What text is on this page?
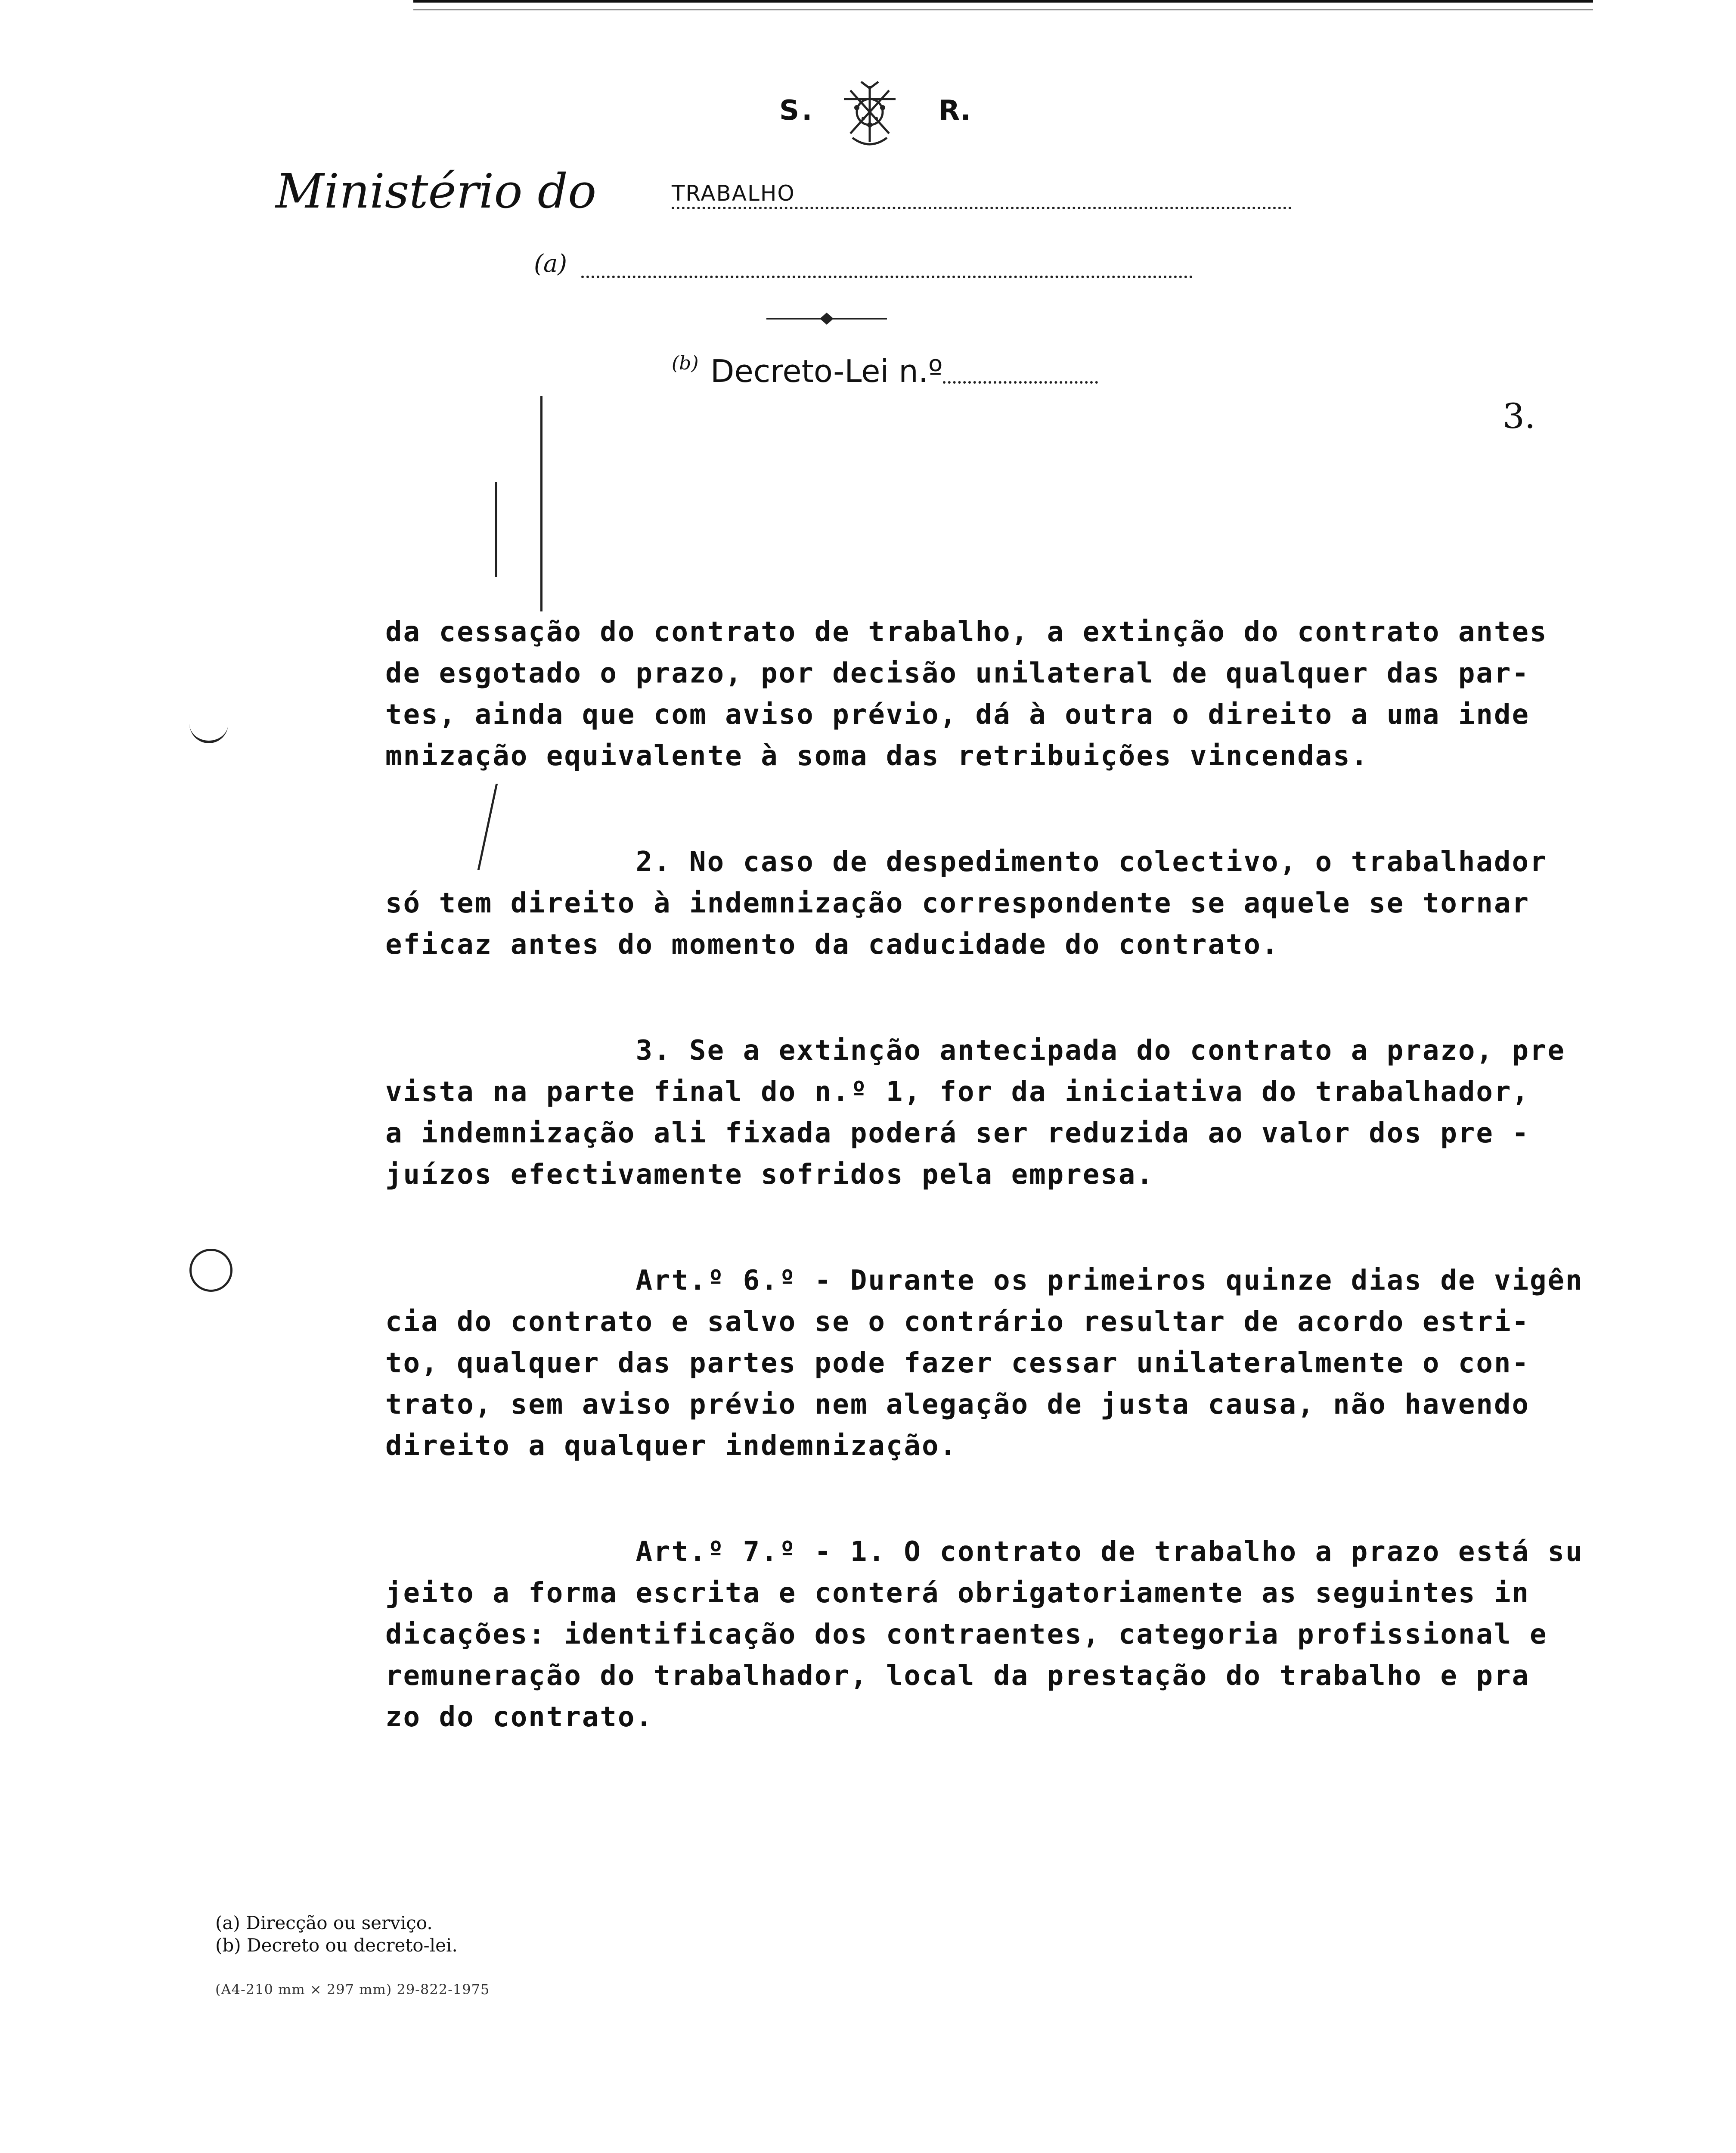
S.	R.
Ministério do	TRABALHO
(a)
(b) Decreto-Lei n.º
3.

da cessação do contrato de trabalho, a extinção do contrato antes
de esgotado o prazo, por decisão unilateral de qualquer das par-
tes, ainda que com aviso prévio, dá à outra o direito a uma inde
mnização equivalente à soma das retribuições vincendas.

2. No caso de despedimento colectivo, o trabalhador
só tem direito à indemnização correspondente se aquele se tornar
eficaz antes do momento da caducidade do contrato.

3. Se a extinção antecipada do contrato a prazo, pre
vista na parte final do n.º 1, for da iniciativa do trabalhador,
a indemnização ali fixada poderá ser reduzida ao valor dos pre -
juízos efectivamente sofridos pela empresa.

Art.º 6.º - Durante os primeiros quinze dias de vigên
cia do contrato e salvo se o contrário resultar de acordo estri-
to, qualquer das partes pode fazer cessar unilateralmente o con-
trato, sem aviso prévio nem alegação de justa causa, não havendo
direito a qualquer indemnização.

Art.º 7.º - 1. O contrato de trabalho a prazo está su
jeito a forma escrita e conterá obrigatoriamente as seguintes in
dicações: identificação dos contraentes, categoria profissional e
remuneração do trabalhador, local da prestação do trabalho e pra
zo do contrato.

(a) Direcção ou serviço.
(b) Decreto ou decreto-lei.
(A4-210 mm × 297 mm) 29-822-1975
